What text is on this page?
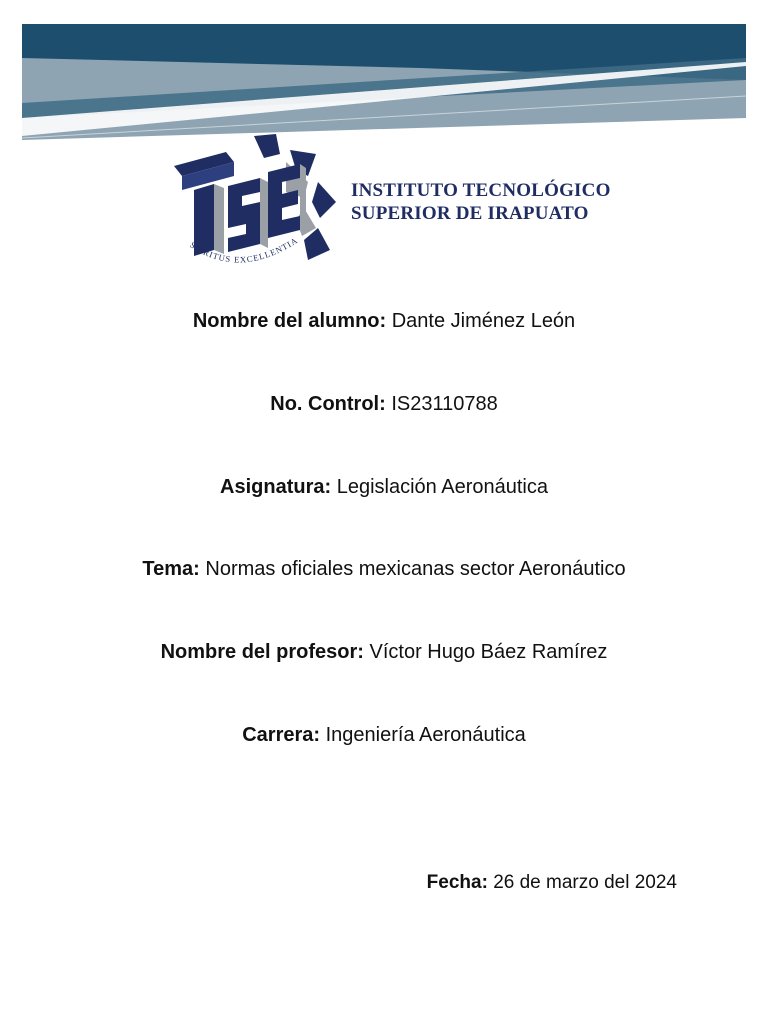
SPIRITUS EXCELLENTIA
INSTITUTO TECNOLÓGICO
SUPERIOR DE IRAPUATO
Nombre del alumno: Dante Jiménez León
No. Control: IS23110788
Asignatura: Legislación Aeronáutica
Tema: Normas oficiales mexicanas sector Aeronáutico
Nombre del profesor: Víctor Hugo Báez Ramírez
Carrera: Ingeniería Aeronáutica
Fecha: 26 de marzo del 2024
